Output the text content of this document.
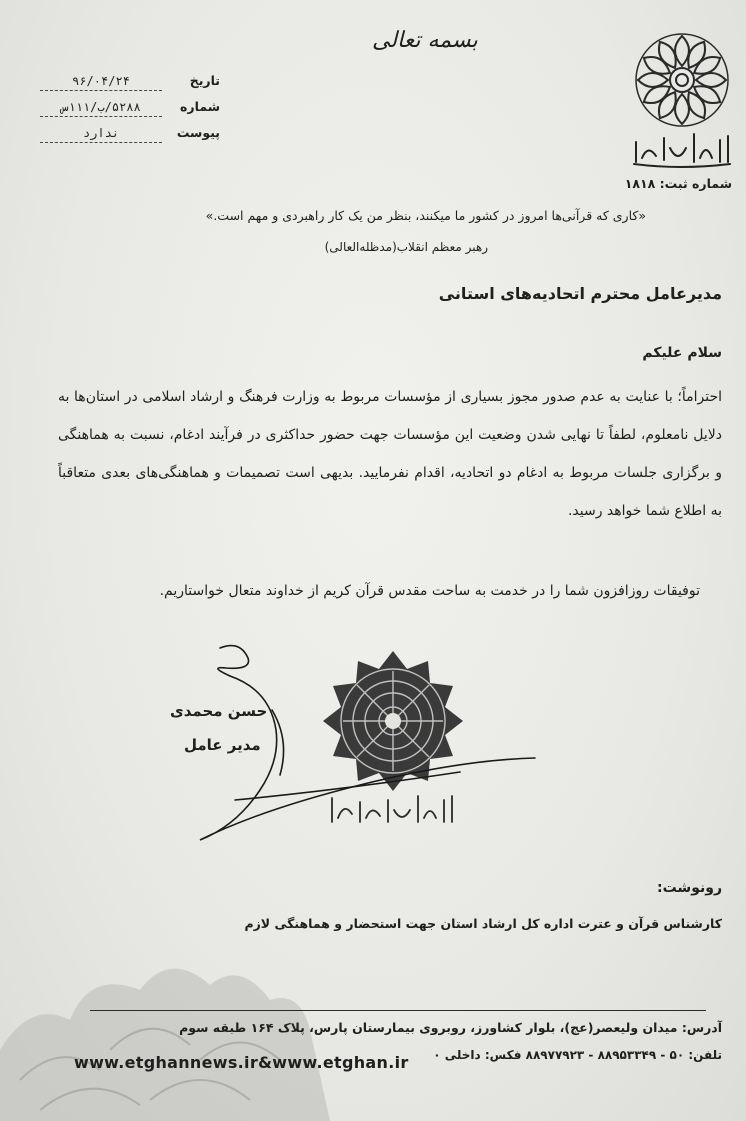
شماره ثبت: ۱۸۱۸
بسمه تعالی
تاریخ
۹۶/۰۴/۲۴
شماره
۵۲۸۸/ب/۱۱۱س
پیوست
ندارد
«کاری که قرآنی‌ها امروز در کشور ما میکنند، بنظر من یک کار راهبردی و مهم است.»
رهبر معظم انقلاب(مدظله‌العالی)
مدیرعامل محترم اتحادیه‌های استانی
سلام علیکم
احتراماً؛ با عنایت به عدم صدور مجوز بسیاری از مؤسسات مربوط به وزارت فرهنگ و ارشاد اسلامی در استان‌ها به دلایل نامعلوم، لطفاً تا نهایی شدن وضعیت این مؤسسات جهت حضور حداکثری در فرآیند ادغام، نسبت به هماهنگی و برگزاری جلسات مربوط به ادغام دو اتحادیه، اقدام نفرمایید. بدیهی است تصمیمات و هماهنگی‌های بعدی متعاقباً به اطلاع شما خواهد رسید.
توفیقات روزافزون شما را در خدمت به ساحت مقدس قرآن کریم از خداوند متعال خواستاریم.
حسن محمدی
مدیر عامل
رونوشت:
کارشناس قرآن و عترت اداره کل ارشاد استان جهت استحضار و هماهنگی لازم
آدرس: میدان ولیعصر(عج)، بلوار کشاورز، روبروی بیمارستان پارس، پلاک ۱۶۴ طبقه سوم
تلفن: ۵۰ - ۸۸۹۵۳۳۴۹ - ۸۸۹۷۷۹۲۳ فکس: داخلی ۰
www.etghannews.ir&www.etghan.ir
